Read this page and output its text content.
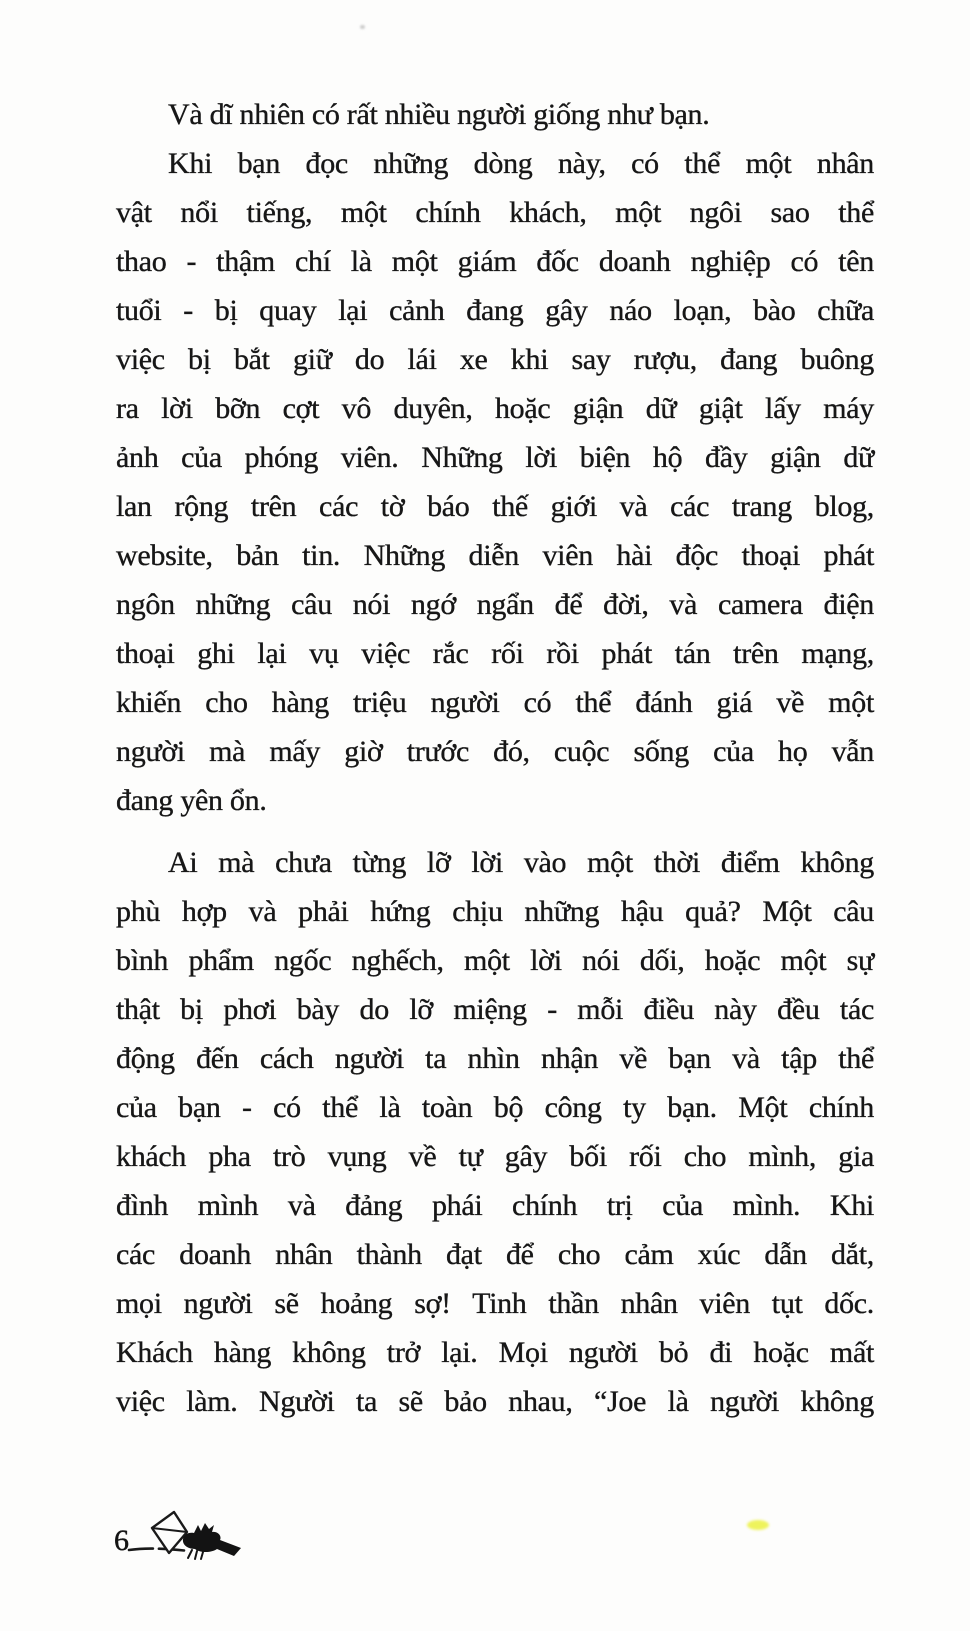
Và dĩ nhiên có rất nhiều người giống như bạn.
Khi bạn đọc những dòng này, có thể một nhân
vật nổi tiếng, một chính khách, một ngôi sao thể
thao - thậm chí là một giám đốc doanh nghiệp có tên
tuổi - bị quay lại cảnh đang gây náo loạn, bào chữa
việc bị bắt giữ do lái xe khi say rượu, đang buông
ra lời bỡn cợt vô duyên, hoặc giận dữ giật lấy máy
ảnh của phóng viên. Những lời biện hộ đầy giận dữ
lan rộng trên các tờ báo thế giới và các trang blog,
website, bản tin. Những diễn viên hài độc thoại phát
ngôn những câu nói ngớ ngẩn để đời, và camera điện
thoại ghi lại vụ việc rắc rối rồi phát tán trên mạng,
khiến cho hàng triệu người có thể đánh giá về một
người mà mấy giờ trước đó, cuộc sống của họ vẫn
đang yên ổn.
Ai mà chưa từng lỡ lời vào một thời điểm không
phù hợp và phải hứng chịu những hậu quả? Một câu
bình phẩm ngốc nghếch, một lời nói dối, hoặc một sự
thật bị phơi bày do lỡ miệng - mỗi điều này đều tác
động đến cách người ta nhìn nhận về bạn và tập thể
của bạn - có thể là toàn bộ công ty bạn. Một chính
khách pha trò vụng về tự gây bối rối cho mình, gia
đình mình và đảng phái chính trị của mình. Khi
các doanh nhân thành đạt để cho cảm xúc dẫn dắt,
mọi người sẽ hoảng sợ! Tinh thần nhân viên tụt dốc.
Khách hàng không trở lại. Mọi người bỏ đi hoặc mất
việc làm. Người ta sẽ bảo nhau, “Joe là người không
6
